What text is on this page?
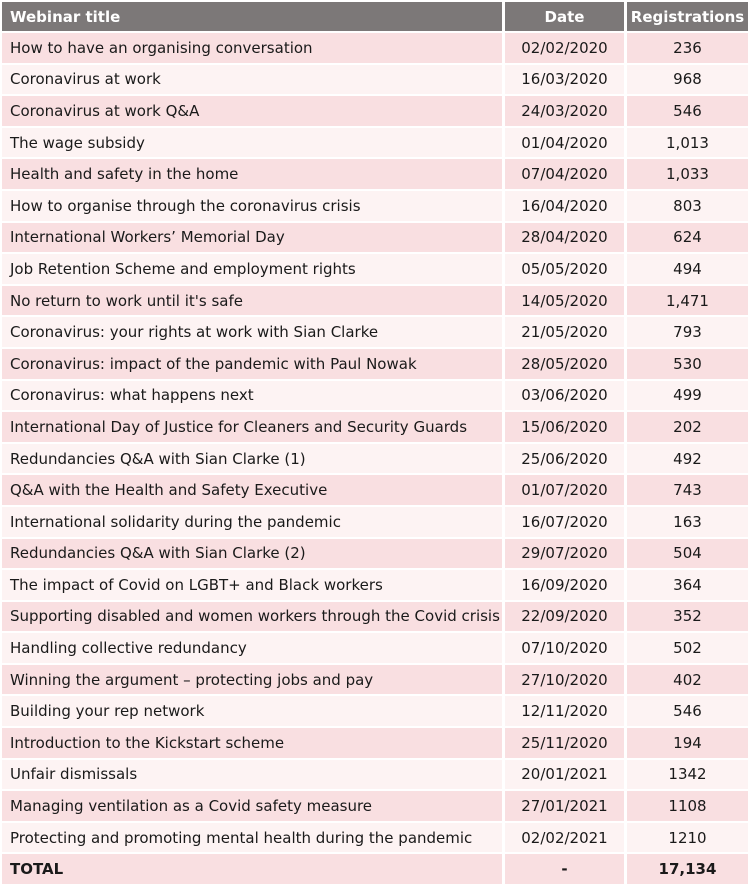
Webinar title	Date	Registrations
How to have an organising conversation	02/02/2020	236
Coronavirus at work	16/03/2020	968
Coronavirus at work Q&A	24/03/2020	546
The wage subsidy	01/04/2020	1,013
Health and safety in the home	07/04/2020	1,033
How to organise through the coronavirus crisis	16/04/2020	803
International Workers’ Memorial Day	28/04/2020	624
Job Retention Scheme and employment rights	05/05/2020	494
No return to work until it's safe	14/05/2020	1,471
Coronavirus: your rights at work with Sian Clarke	21/05/2020	793
Coronavirus: impact of the pandemic with Paul Nowak	28/05/2020	530
Coronavirus: what happens next	03/06/2020	499
International Day of Justice for Cleaners and Security Guards	15/06/2020	202
Redundancies Q&A with Sian Clarke (1)	25/06/2020	492
Q&A with the Health and Safety Executive	01/07/2020	743
International solidarity during the pandemic	16/07/2020	163
Redundancies Q&A with Sian Clarke (2)	29/07/2020	504
The impact of Covid on LGBT+ and Black workers	16/09/2020	364
Supporting disabled and women workers through the Covid crisis	22/09/2020	352
Handling collective redundancy	07/10/2020	502
Winning the argument – protecting jobs and pay	27/10/2020	402
Building your rep network	12/11/2020	546
Introduction to the Kickstart scheme	25/11/2020	194
Unfair dismissals	20/01/2021	1342
Managing ventilation as a Covid safety measure	27/01/2021	1108
Protecting and promoting mental health during the pandemic	02/02/2021	1210
TOTAL	-	17,134
